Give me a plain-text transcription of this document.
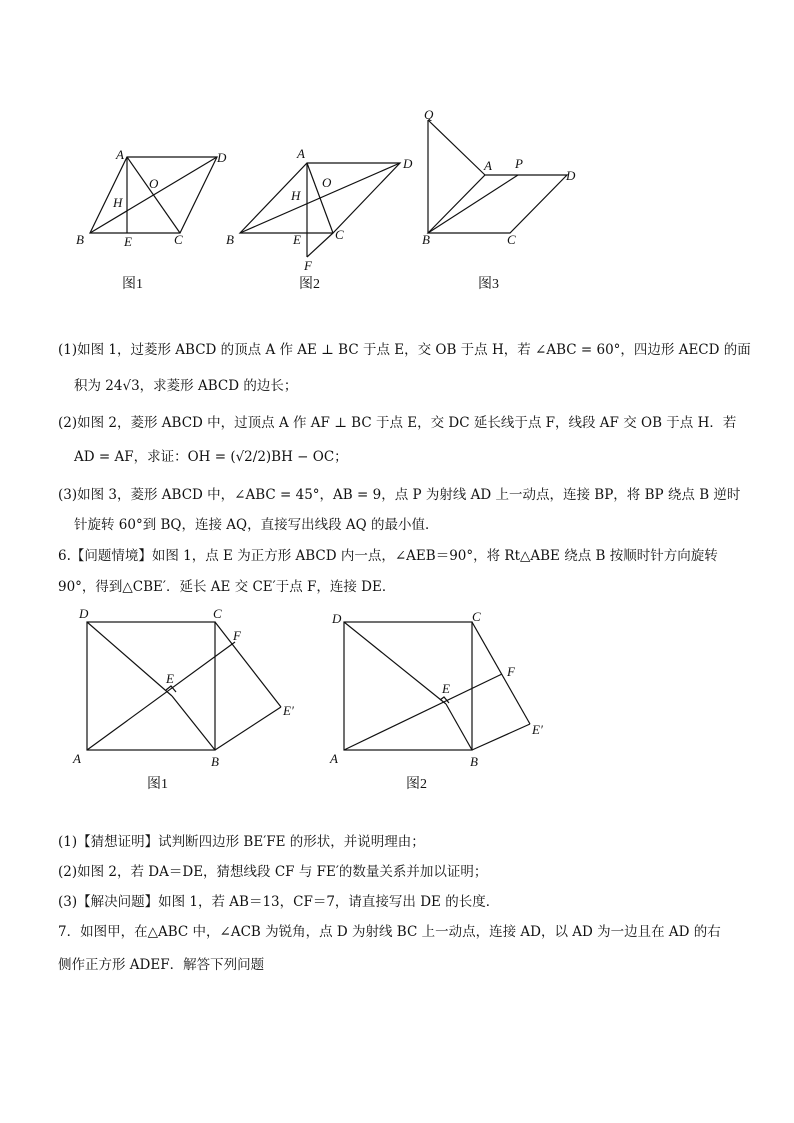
A	D
H
O
B	E	C
图1
A
D
H
O
B	E	C
F
图2
Q
A P
D
B	C
图3
(1)如图 1，过菱形 ABCD 的顶点 A 作 AE ⊥ BC 于点 E，交 OB 于点 H，若 ∠ABC = 60°，四边形 AECD 的面
积为 24√3，求菱形 ABCD 的边长；
(2)如图 2，菱形 ABCD 中，过顶点 A 作 AF ⊥ BC 于点 E，交 DC 延长线于点 F，线段 AF 交 OB 于点 H．若
AD = AF，求证：OH = (√2/2)BH − OC；
(3)如图 3，菱形 ABCD 中，∠ABC = 45°，AB = 9，点 P 为射线 AD 上一动点，连接 BP，将 BP 绕点 B 逆时
针旋转 60°到 BQ，连接 AQ，直接写出线段 AQ 的最小值．
6.【问题情境】如图 1，点 E 为正方形 ABCD 内一点，∠AEB＝90°，将 Rt△ABE 绕点 B 按顺时针方向旋转
90°，得到△CBE′．延长 AE 交 CE′于点 F，连接 DE．
D	C
F
E
E′
A	B
图1
D	C
F
E
E′
A	B
图2
(1)【猜想证明】试判断四边形 BE′FE 的形状，并说明理由；
(2)如图 2，若 DA＝DE，猜想线段 CF 与 FE′的数量关系并加以证明；
(3)【解决问题】如图 1，若 AB＝13，CF＝7，请直接写出 DE 的长度．
7．如图甲，在△ABC 中，∠ACB 为锐角，点 D 为射线 BC 上一动点，连接 AD，以 AD 为一边且在 AD 的右
侧作正方形 ADEF．解答下列问题
